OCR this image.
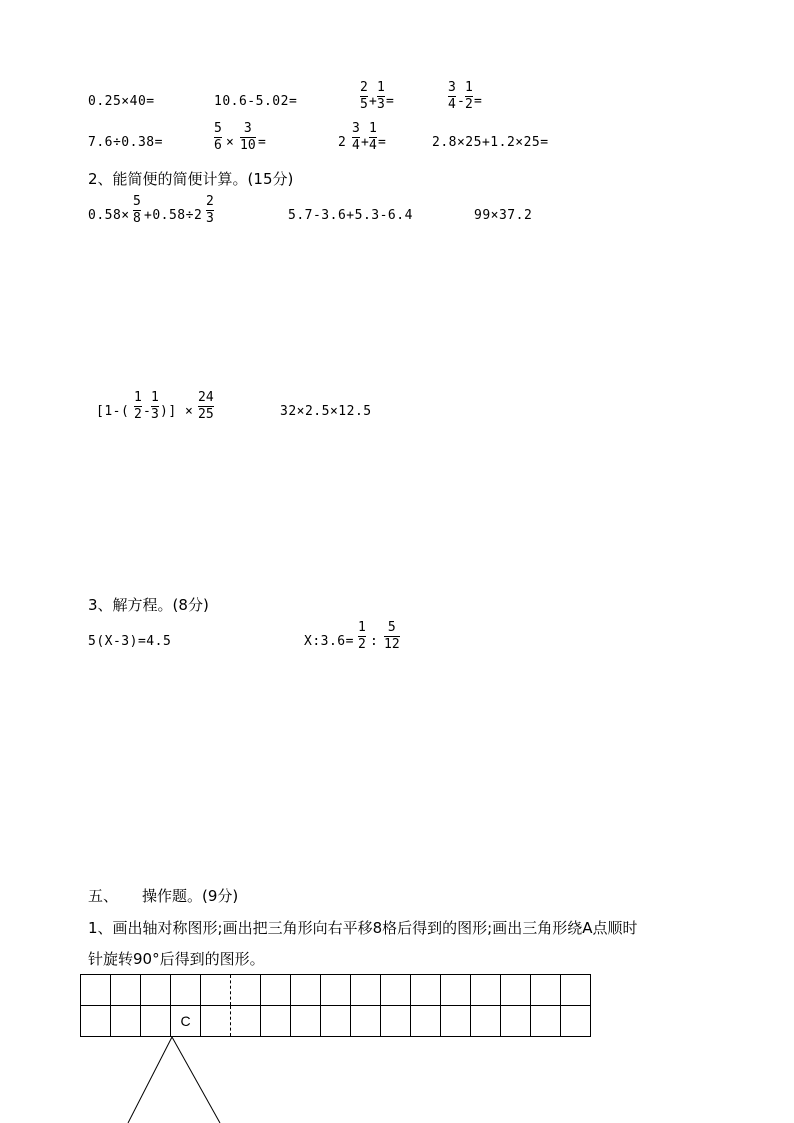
0.25×40=	10.6-5.02=
2
5 +
1
3 =
3
4 -
1
2 =
7.6÷0.38=
5
6 ×
3
10 =	2
3
4 +
1
4 =	2.8×25+1.2×25=
2、能简便的简便计算。(15分)
0.58×
5
8 +0.58÷2
2
3	5.7-3.6+5.3-6.4	99×37.2
[1-(
1
2 -
1
3 )] ×
24
25	32×2.5×12.5
3、解方程。(8分)
5(X-3)=4.5	X:3.6=
1
2 :
5
12
五、 操作题。(9分)
1、画出轴对称图形;画出把三角形向右平移8格后得到的图形;画出三角形绕A点顺时
针旋转90°后得到的图形。

			C													
